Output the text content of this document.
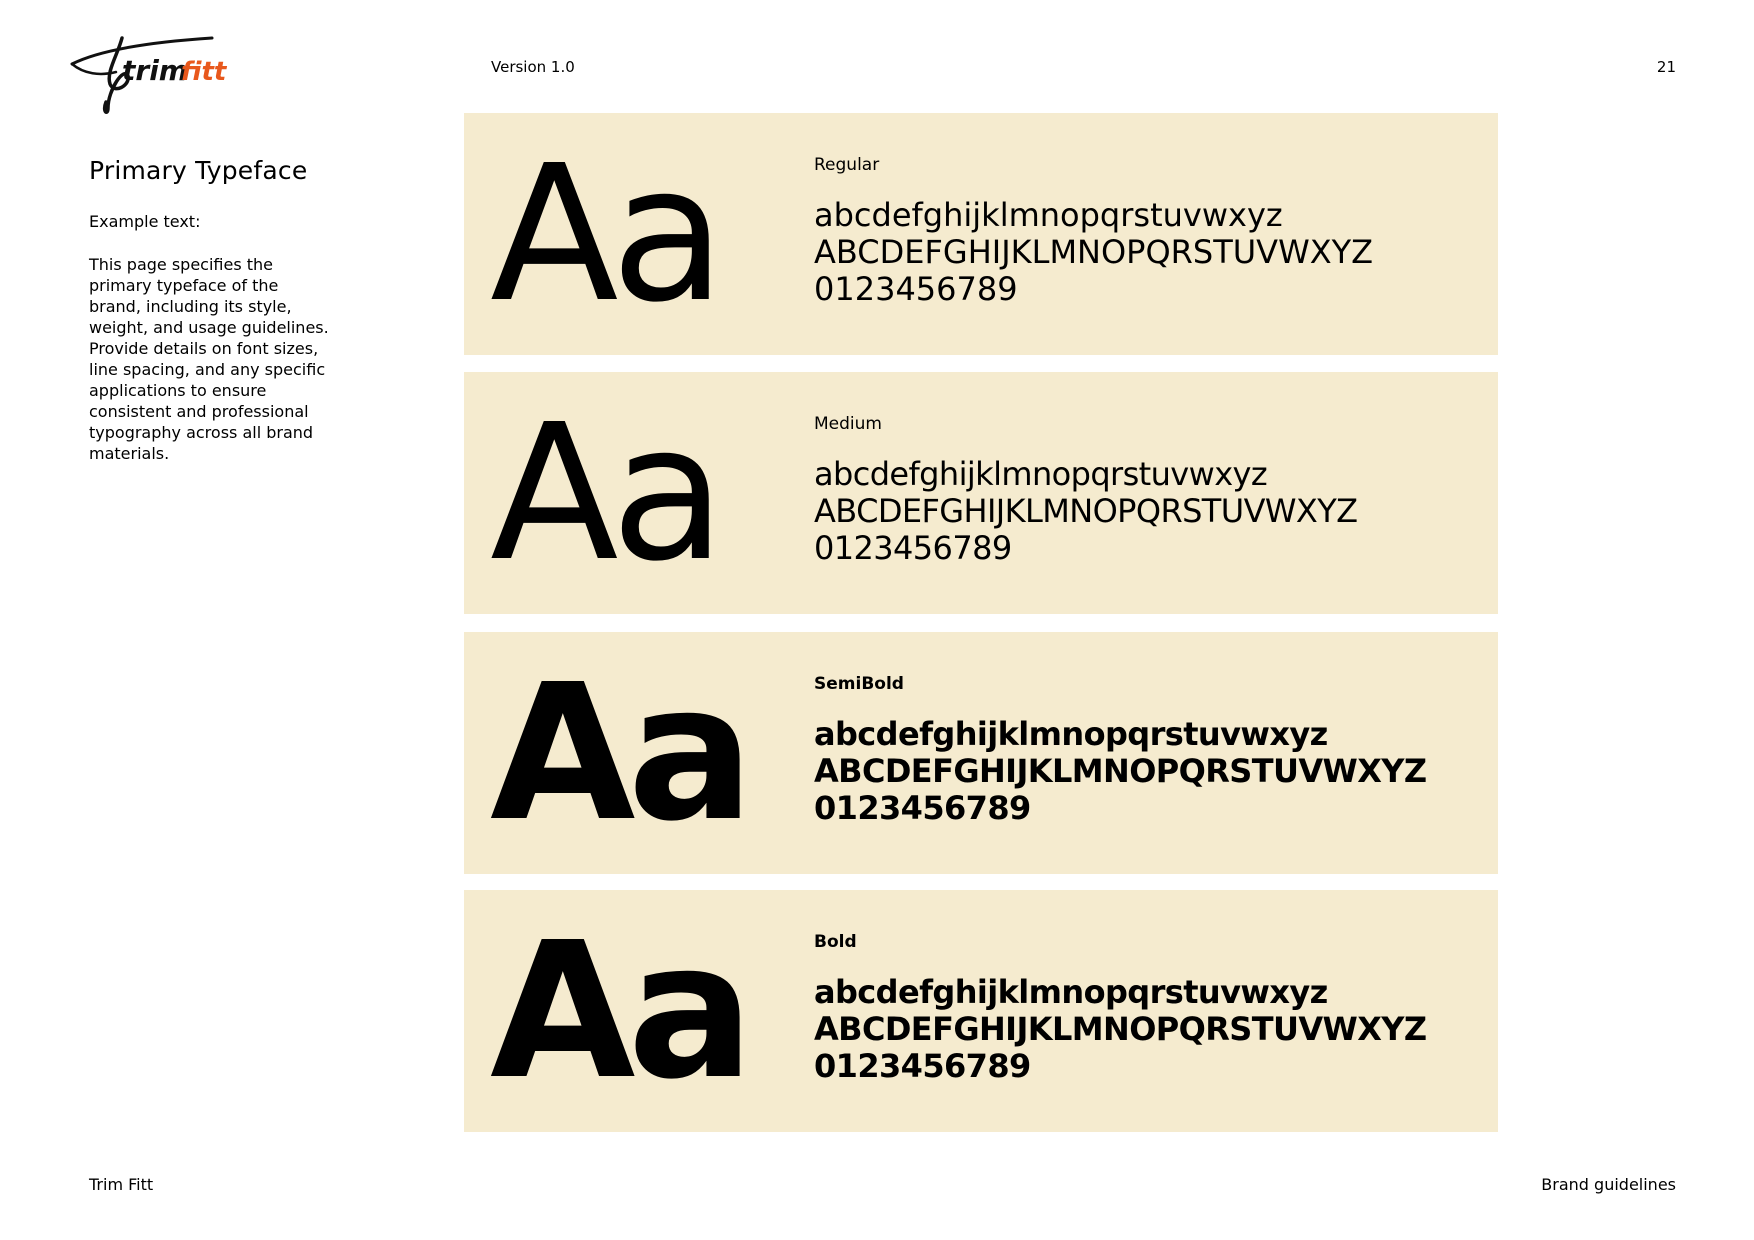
trim
fitt	Version 1.0	21
Primary Typeface
Example text:
This page specifies the primary typeface of the brand, including its style, weight, and usage guidelines. Provide details on font sizes, line spacing, and any specific applications to ensure consistent and professional typography across all brand materials.
Aa	Regular
abcdefghijklmnopqrstuvwxyz
ABCDEFGHIJKLMNOPQRSTUVWXYZ
0123456789
Aa	Medium
abcdefghijklmnopqrstuvwxyz
ABCDEFGHIJKLMNOPQRSTUVWXYZ
0123456789
Aa	SemiBold
abcdefghijklmnopqrstuvwxyz
ABCDEFGHIJKLMNOPQRSTUVWXYZ
0123456789
Aa	Bold
abcdefghijklmnopqrstuvwxyz
ABCDEFGHIJKLMNOPQRSTUVWXYZ
0123456789
Trim Fitt	Brand guidelines
